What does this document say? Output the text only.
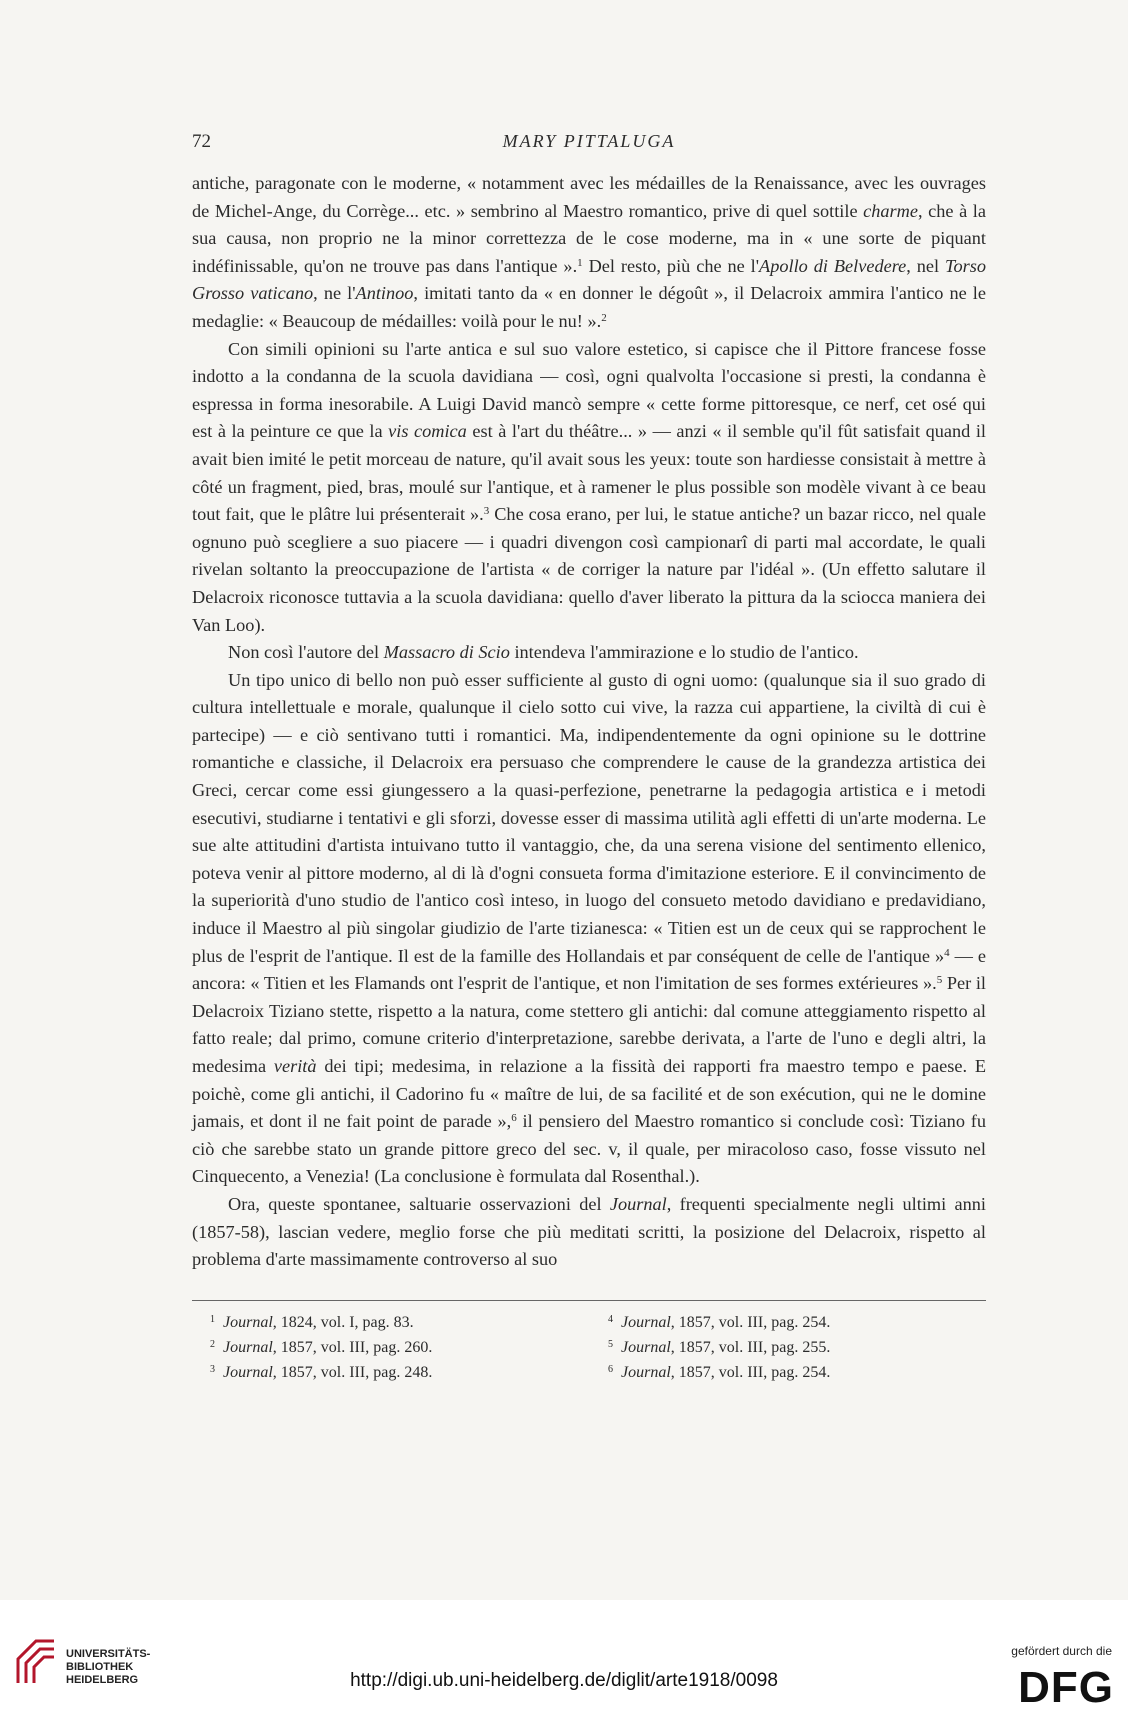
72	MARY PITTALUGA

antiche, paragonate con le moderne, « notamment avec les médailles de la Renaissance, avec les ouvrages de Michel-Ange, du Corrège... etc. » sembrino al Maestro romantico, prive di quel sottile charme, che à la sua causa, non proprio ne la minor correttezza de le cose moderne, ma in « une sorte de piquant indéfinissable, qu'on ne trouve pas dans l'antique ».$^1$ Del resto, più che ne l'Apollo di Belvedere, nel Torso Grosso vaticano, ne l'Antinoo, imitati tanto da « en donner le dégoût », il Delacroix ammira l'antico ne le medaglie: « Beaucoup de médailles: voilà pour le nu! ».$^2$

Con simili opinioni su l'arte antica e sul suo valore estetico, si capisce che il Pittore francese fosse indotto a la condanna de la scuola davidiana — così, ogni qualvolta l'occasione si presti, la condanna è espressa in forma inesorabile. A Luigi David mancò sempre « cette forme pittoresque, ce nerf, cet osé qui est à la peinture ce que la vis comica est à l'art du théâtre... » — anzi « il semble qu'il fût satisfait quand il avait bien imité le petit morceau de nature, qu'il avait sous les yeux: toute son hardiesse consistait à mettre à côté un fragment, pied, bras, moulé sur l'antique, et à ramener le plus possible son modèle vivant à ce beau tout fait, que le plâtre lui présenterait ».$^3$ Che cosa erano, per lui, le statue antiche? un bazar ricco, nel quale ognuno può scegliere a suo piacere — i quadri divengon così campionarî di parti mal accordate, le quali rivelan soltanto la preoccupazione de l'artista « de corriger la nature par l'idéal ». (Un effetto salutare il Delacroix riconosce tuttavia a la scuola davidiana: quello d'aver liberato la pittura da la sciocca maniera dei Van Loo).

Non così l'autore del Massacro di Scio intendeva l'ammirazione e lo studio de l'antico.

Un tipo unico di bello non può esser sufficiente al gusto di ogni uomo: (qualunque sia il suo grado di cultura intellettuale e morale, qualunque il cielo sotto cui vive, la razza cui appartiene, la civiltà di cui è partecipe) — e ciò sentivano tutti i romantici. Ma, indipendentemente da ogni opinione su le dottrine romantiche e classiche, il Delacroix era persuaso che comprendere le cause de la grandezza artistica dei Greci, cercar come essi giungessero a la quasi-perfezione, penetrarne la pedagogia artistica e i metodi esecutivi, studiarne i tentativi e gli sforzi, dovesse esser di massima utilità agli effetti di un'arte moderna. Le sue alte attitudini d'artista intuivano tutto il vantaggio, che, da una serena visione del sentimento ellenico, poteva venir al pittore moderno, al di là d'ogni consueta forma d'imitazione esteriore. E il convincimento de la superiorità d'uno studio de l'antico così inteso, in luogo del consueto metodo davidiano e predavidiano, induce il Maestro al più singolar giudizio de l'arte tizianesca: « Titien est un de ceux qui se rapprochent le plus de l'esprit de l'antique. Il est de la famille des Hollandais et par conséquent de celle de l'antique »$^4$ — e ancora: « Titien et les Flamands ont l'esprit de l'antique, et non l'imitation de ses formes extérieures ».$^5$ Per il Delacroix Tiziano stette, rispetto a la natura, come stettero gli antichi: dal comune atteggiamento rispetto al fatto reale; dal primo, comune criterio d'interpretazione, sarebbe derivata, a l'arte de l'uno e degli altri, la medesima verità dei tipi; medesima, in relazione a la fissità dei rapporti fra maestro tempo e paese. E poichè, come gli antichi, il Cadorino fu « maître de lui, de sa facilité et de son exécution, qui ne le domine jamais, et dont il ne fait point de parade »,$^6$ il pensiero del Maestro romantico si conclude così: Tiziano fu ciò che sarebbe stato un grande pittore greco del sec. v, il quale, per miracoloso caso, fosse vissuto nel Cinquecento, a Venezia! (La conclusione è formulata dal Rosenthal.).

Ora, queste spontanee, saltuarie osservazioni del Journal, frequenti specialmente negli ultimi anni (1857-58), lascian vedere, meglio forse che più meditati scritti, la posizione del Delacroix, rispetto al problema d'arte massimamente controverso al suo

$^1$ Journal, 1824, vol. I, pag. 83.
$^2$ Journal, 1857, vol. III, pag. 260.
$^3$ Journal, 1857, vol. III, pag. 248.
$^4$ Journal, 1857, vol. III, pag. 254.
$^5$ Journal, 1857, vol. III, pag. 255.
$^6$ Journal, 1857, vol. III, pag. 254.
UNIVERSITÄTS-
BIBLIOTHEK
HEIDELBERG	http://digi.ub.uni-heidelberg.de/diglit/arte1918/0098
gefördert durch die
DFG
